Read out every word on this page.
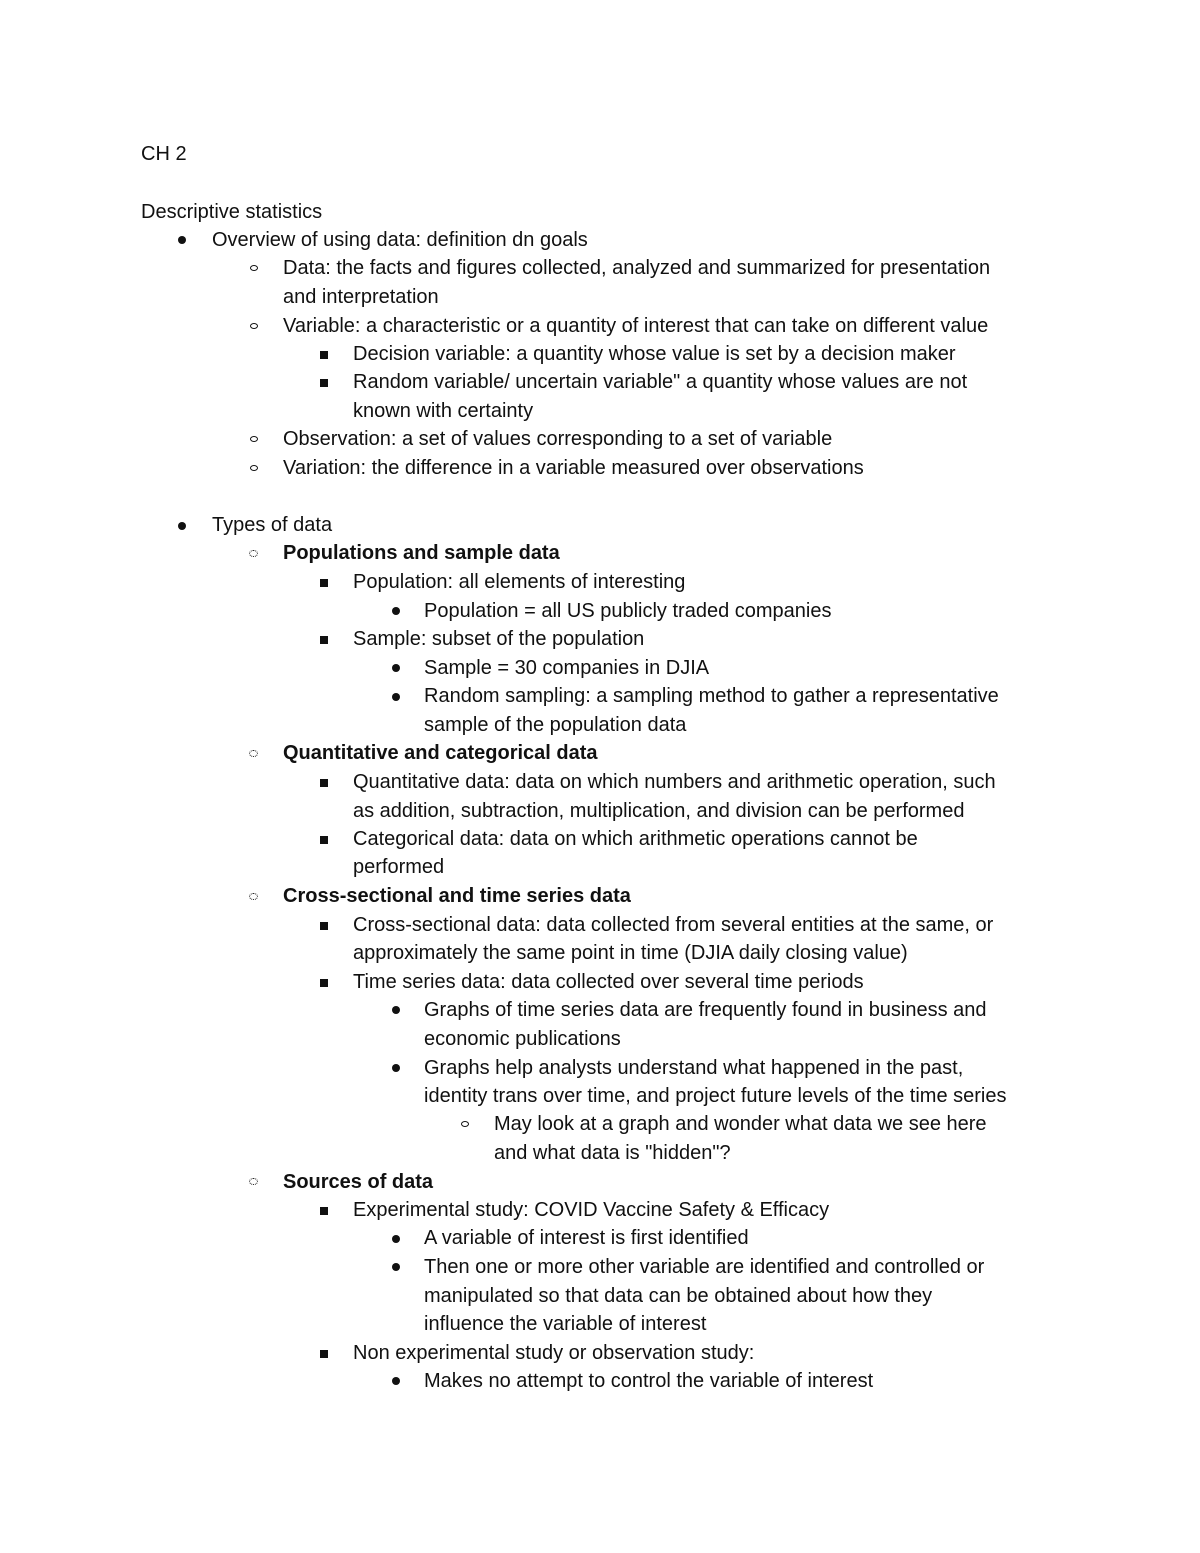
CH 2
Descriptive statistics
Overview of using data: definition dn goals
Data: the facts and figures collected, analyzed and summarized for presentation
and interpretation
Variable: a characteristic or a quantity of interest that can take on different value
Decision variable: a quantity whose value is set by a decision maker
Random variable/ uncertain variable" a quantity whose values are not
known with certainty
Observation: a set of values corresponding to a set of variable
Variation: the difference in a variable measured over observations
Types of data
Populations and sample data
Population: all elements of interesting
Population = all US publicly traded companies
Sample: subset of the population
Sample = 30 companies in DJIA
Random sampling: a sampling method to gather a representative
sample of the population data
Quantitative and categorical data
Quantitative data: data on which numbers and arithmetic operation, such
as addition, subtraction, multiplication, and division can be performed
Categorical data: data on which arithmetic operations cannot be
performed
Cross-sectional and time series data
Cross-sectional data: data collected from several entities at the same, or
approximately the same point in time (DJIA daily closing value)
Time series data: data collected over several time periods
Graphs of time series data are frequently found in business and
economic publications
Graphs help analysts understand what happened in the past,
identity trans over time, and project future levels of the time series
May look at a graph and wonder what data we see here
and what data is "hidden"?
Sources of data
Experimental study: COVID Vaccine Safety & Efficacy
A variable of interest is first identified
Then one or more other variable are identified and controlled or
manipulated so that data can be obtained about how they
influence the variable of interest
Non experimental study or observation study:
Makes no attempt to control the variable of interest
